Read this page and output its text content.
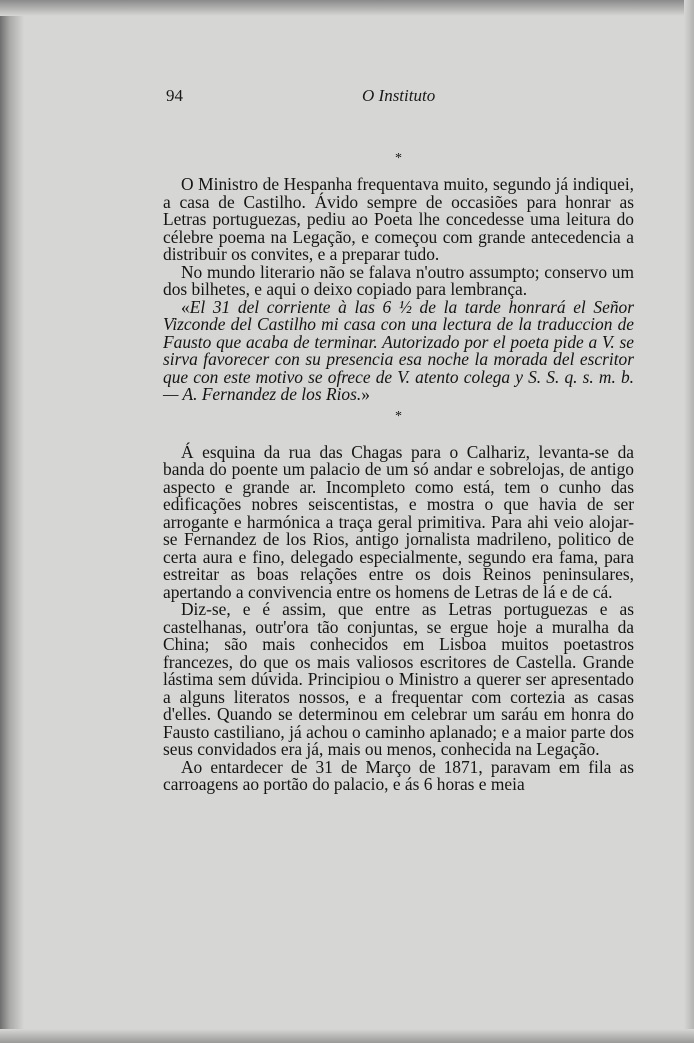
94	O Instituto
*

O Ministro de Hespanha frequentava muito, segundo já indiquei, a casa de Castilho. Ávido sempre de occasiões para honrar as Letras portuguezas, pediu ao Poeta lhe concedesse uma leitura do célebre poema na Legação, e começou com grande antecedencia a distribuir os convites, e a preparar tudo.

No mundo literario não se falava n'outro assumpto; conservo um dos bilhetes, e aqui o deixo copiado para lembrança.

«El 31 del corriente à las 6 ½ de la tarde honrará el Señor Vizconde del Castilho mi casa con una lectura de la traduccion de Fausto que acaba de terminar. Autorizado por el poeta pide a V. se sirva favorecer con su presencia esa noche la morada del escritor que con este motivo se ofrece de V. atento colega y S. S. q. s. m. b. — A. Fernandez de los Rios.»

*

Á esquina da rua das Chagas para o Calhariz, levanta-se da banda do poente um palacio de um só andar e sobrelojas, de antigo aspecto e grande ar. Incompleto como está, tem o cunho das edificações nobres seiscentistas, e mostra o que havia de ser arrogante e harmónica a traça geral primitiva. Para ahi veio alojar-se Fernandez de los Rios, antigo jornalista madrileno, politico de certa aura e fino, delegado especialmente, segundo era fama, para estreitar as boas relações entre os dois Reinos peninsulares, apertando a convivencia entre os homens de Letras de lá e de cá.

Diz-se, e é assim, que entre as Letras portuguezas e as castelhanas, outr'ora tão conjuntas, se ergue hoje a muralha da China; são mais conhecidos em Lisboa muitos poetastros francezes, do que os mais valiosos escritores de Castella. Grande lástima sem dúvida. Principiou o Ministro a querer ser apresentado a alguns literatos nossos, e a frequentar com cortezia as casas d'elles. Quando se determinou em celebrar um saráu em honra do Fausto castiliano, já achou o caminho aplanado; e a maior parte dos seus convidados era já, mais ou menos, conhecida na Legação.

Ao entardecer de 31 de Março de 1871, paravam em fila as carroagens ao portão do palacio, e ás 6 horas e meia
